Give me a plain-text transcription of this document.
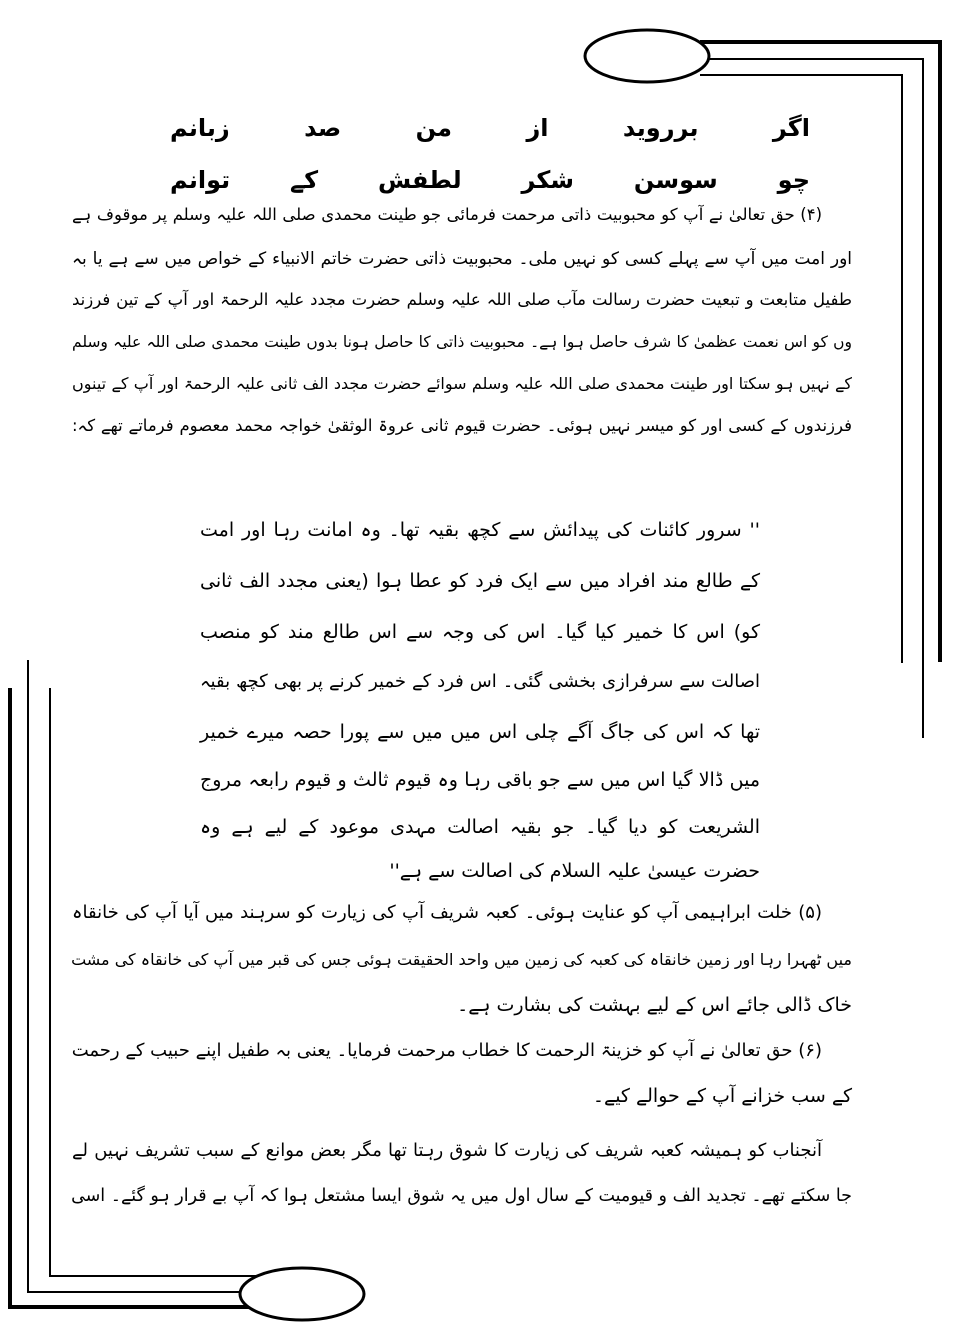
اگر
برروید
از
من
صد
زبانم
چو
سوسن
شکر
لطفش
کے
توانم
(۴) حق تعالیٰ نے آپ کو محبوبیت ذاتی مرحمت فرمائی جو طینت محمدی صلی اللہ علیہ وسلم پر موقوف ہے
اور امت میں آپ سے پہلے کسی کو نہیں ملی۔ محبوبیت ذاتی حضرت خاتم الانبیاء کے خواص میں سے ہے یا بہ
طفیل متابعت و تبعیت حضرت رسالت مآب صلی اللہ علیہ وسلم حضرت مجدد علیہ الرحمۃ اور آپ کے تین فرزند
وں کو اس نعمت عظمیٰ کا شرف حاصل ہوا ہے۔ محبوبیت ذاتی کا حاصل ہونا بدوں طینت محمدی صلی اللہ علیہ وسلم
کے نہیں ہو سکتا اور طینت محمدی صلی اللہ علیہ وسلم سوائے حضرت مجدد الف ثانی علیہ الرحمۃ اور آپ کے تینوں
فرزندوں کے کسی اور کو میسر نہیں ہوئی۔ حضرت قیوم ثانی عروۃ الوثقیٰ خواجہ محمد معصوم فرماتے تھے کہ:
'' سرور کائنات کی پیدائش سے کچھ بقیہ تھا۔ وہ امانت رہا اور امت
کے طالع مند افراد میں سے ایک فرد کو عطا ہوا (یعنی مجدد الف ثانی
کو) اس کا خمیر کیا گیا۔ اس کی وجہ سے اس طالع مند کو منصب
اصالت سے سرفرازی بخشی گئی۔ اس فرد کے خمیر کرنے پر بھی کچھ بقیہ
تھا کہ اس کی جاگ آگے چلی اس میں میں سے پورا حصہ میرے خمیر
میں ڈالا گیا اس میں سے جو باقی رہا وہ قیوم ثالث و قیوم رابعہ مروج
الشریعت کو دیا گیا۔ جو بقیہ اصالت مہدی موعود کے لیے ہے وہ
حضرت عیسیٰ علیہ السلام کی اصالت سے ہے''
(۵) خلت ابراہیمی آپ کو عنایت ہوئی۔ کعبہ شریف آپ کی زیارت کو سرہند میں آیا آپ کی خانقاہ
میں ٹھہرا رہا اور زمین خانقاہ کی کعبہ کی زمین میں واحد الحقیقت ہوئی جس کی قبر میں آپ کی خانقاہ کی مشت
خاک ڈالی جائے اس کے لیے بہشت کی بشارت ہے۔
(۶) حق تعالیٰ نے آپ کو خزینۃ الرحمت کا خطاب مرحمت فرمایا۔ یعنی بہ طفیل اپنے حبیب کے رحمت
کے سب خزانے آپ کے حوالے کیے۔
آنجناب کو ہمیشہ کعبہ شریف کی زیارت کا شوق رہتا تھا مگر بعض موانع کے سبب تشریف نہیں لے
جا سکتے تھے۔ تجدید الف و قیومیت کے سال اول میں یہ شوق ایسا مشتعل ہوا کہ آپ بے قرار ہو گئے۔ اسی
